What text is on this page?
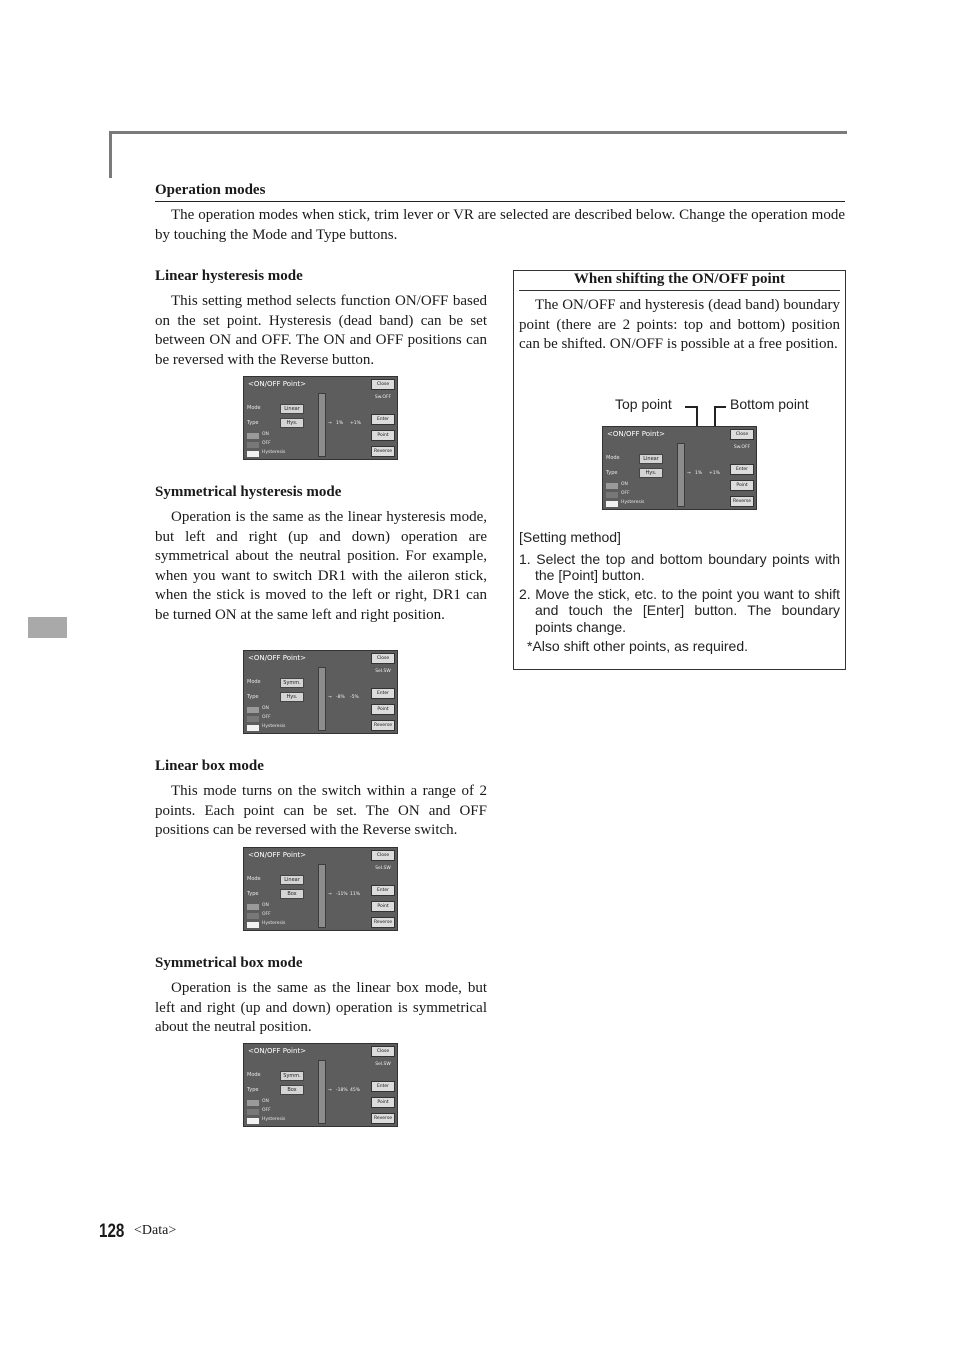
Operation modes

The operation modes when stick, trim lever or VR are selected are described below. Change the operation mode by touching the Mode and Type buttons.

Linear hysteresis mode

This setting method selects function ON/OFF based on the set point. Hysteresis (dead band) can be set between ON and OFF. The ON and OFF positions can be reversed with the Reverse button.

→
<ON/OFF Point>
Mode	Linear
Type	Hys.
ON
OFF
Hysteresis
1% +1%
Close
Sw.OFF
Enter
Point
Reverse
Symmetrical hysteresis mode

Operation is the same as the linear hysteresis mode, but left and right (up and down) operation are symmetrical about the neutral position. For example, when you want to switch DR1 with the aileron stick, when the stick is moved to the left or right, DR1 can be turned ON at the same left and right position.

→
<ON/OFF Point>
Mode	Symm.
Type	Hys.
ON
OFF
Hysteresis
-8% -5%
Close
Sel.SW
Enter
Point
Reverse
Linear box mode

This mode turns on the switch within a range of 2 points. Each point can be set. The ON and OFF positions can be reversed with the Reverse switch.

→
<ON/OFF Point>
Mode	Linear
Type	Box
ON
OFF
Hysteresis
-11% 11%
Close
Sel.SW
Enter
Point
Reverse
Symmetrical box mode

Operation is the same as the linear box mode, but left and right (up and down) operation is symmetrical about the neutral position.

→
<ON/OFF Point>
Mode	Symm.
Type	Box
ON
OFF
Hysteresis
-18% 45%
Close
Sel.SW
Enter
Point
Reverse
When shifting the ON/OFF point

The ON/OFF and hysteresis (dead band) boundary point (there are 2 points: top and bottom) position can be shifted. ON/OFF is possible at a free position.

Top point	Bottom point
→
<ON/OFF Point>
Mode	Linear
Type	Hys.
ON
OFF
Hysteresis
1% +1%
Close
Sw.OFF
Enter
Point
Reverse
[Setting method]
1. Select the top and bottom boundary points with the [Point] button.
2. Move the stick, etc. to the point you want to shift and touch the [Enter] button. The boundary points change.
*Also shift other points, as required.
128 <Data>
